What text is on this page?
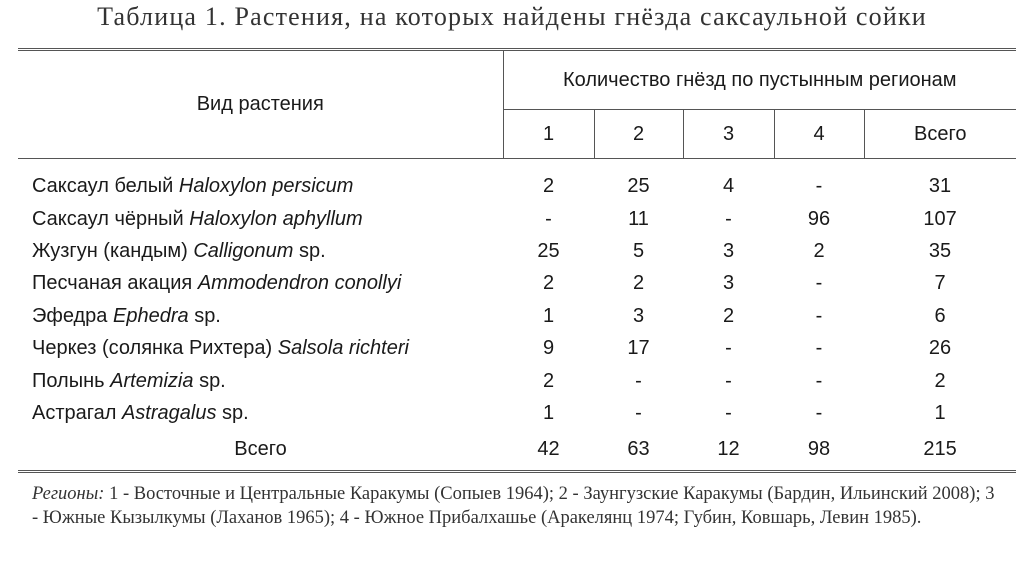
Таблица 1. Растения, на которых найдены гнёзда саксаульной сойки
Вид растения	Количество гнёзд по пустынным регионам				
	1	2	3	4	Всего
Саксаул белый Haloxylon persicum	2	25	4	-	31
Саксаул чёрный Haloxylon aphyllum	-	11	-	96	107
Жузгун (кандым) Calligonum sp.	25	5	3	2	35
Песчаная акация Ammodendron conollyi	2	2	3	-	7
Эфедра Ephedra sp.	1	3	2	-	6
Черкез (солянка Рихтера) Salsola richteri	9	17	-	-	26
Полынь Artemizia sp.	2	-	-	-	2
Астрагал Astragalus sp.	1	-	-	-	1
Всего	42	63	12	98	215
Регионы: 1 - Восточные и Центральные Каракумы (Сопыев 1964); 2 - Заунгузские Каракумы (Бардин, Ильинский 2008); 3 - Южные Кызылкумы (Лаханов 1965); 4 - Южное Прибалхашье (Аракелянц 1974; Губин, Ковшарь, Левин 1985).
